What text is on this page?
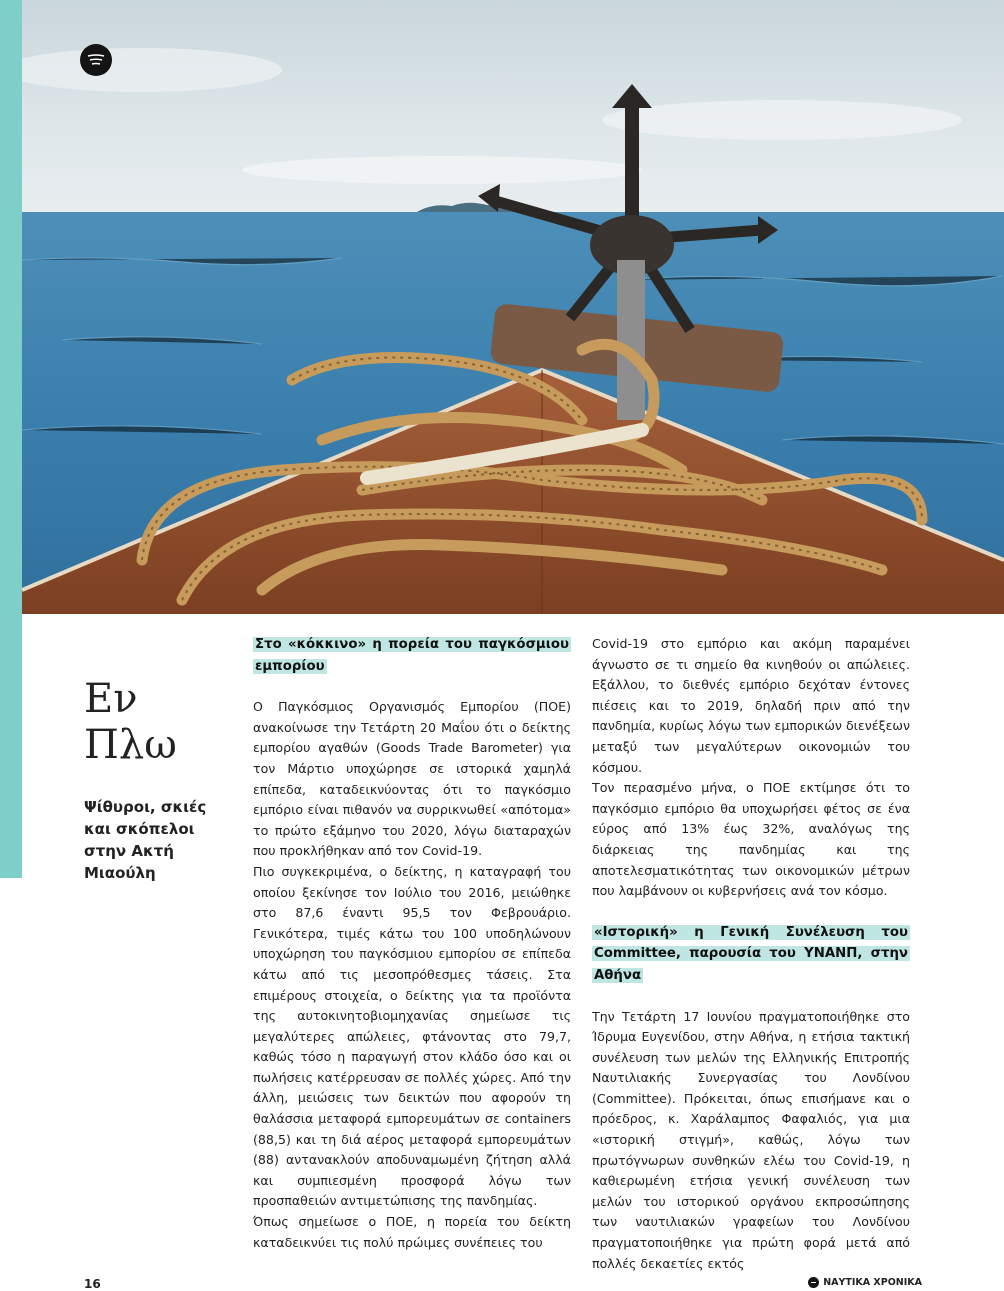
Εν
Πλω
Ψίθυροι, σκιές και σκόπελοι στην Ακτή Μιαούλη

Στο «κόκκινο» η πορεία του παγκόσμιου εμπορίου

Ο Παγκόσμιος Οργανισμός Εμπορίου (ΠΟΕ) ανακοίνωσε την Τετάρτη 20 Μαΐου ότι ο δείκτης εμπορίου αγαθών (Goods Trade Barometer) για τον Μάρτιο υποχώρησε σε ιστορικά χαμηλά επίπεδα, καταδεικνύοντας ότι το παγκόσμιο εμπόριο είναι πιθανόν να συρρικνωθεί «απότομα» το πρώτο εξάμηνο του 2020, λόγω διαταραχών που προκλήθηκαν από τον Covid-19.

Πιο συγκεκριμένα, ο δείκτης, η καταγραφή του οποίου ξεκίνησε τον Ιούλιο του 2016, μειώθηκε στο 87,6 έναντι 95,5 τον Φεβρουάριο. Γενικότερα, τιμές κάτω του 100 υποδηλώνουν υποχώρηση του παγκόσμιου εμπορίου σε επίπεδα κάτω από τις μεσοπρόθεσμες τάσεις. Στα επιμέρους στοιχεία, ο δείκτης για τα προϊόντα της αυτοκινητοβιομηχανίας σημείωσε τις μεγαλύτερες απώλειες, φτάνοντας στο 79,7, καθώς τόσο η παραγωγή στον κλάδο όσο και οι πωλήσεις κατέρρευσαν σε πολλές χώρες. Από την άλλη, μειώσεις των δεικτών που αφορούν τη θαλάσσια μεταφορά εμπορευμάτων σε containers (88,5) και τη διά αέρος μεταφορά εμπορευμάτων (88) αντανακλούν αποδυναμωμένη ζήτηση αλλά και συμπιεσμένη προσφορά λόγω των προσπαθειών αντιμετώπισης της πανδημίας.

Όπως σημείωσε ο ΠΟΕ, η πορεία του δείκτη καταδεικνύει τις πολύ πρώιμες συνέπειες του

Covid-19 στο εμπόριο και ακόμη παραμένει άγνωστο σε τι σημείο θα κινηθούν οι απώλειες. Εξάλλου, το διεθνές εμπόριο δεχόταν έντονες πιέσεις και το 2019, δηλαδή πριν από την πανδημία, κυρίως λόγω των εμπορικών διενέξεων μεταξύ των μεγαλύτερων οικονομιών του κόσμου.

Τον περασμένο μήνα, ο ΠΟΕ εκτίμησε ότι το παγκόσμιο εμπόριο θα υποχωρήσει φέτος σε ένα εύρος από 13% έως 32%, αναλόγως της διάρκειας της πανδημίας και της αποτελεσματικότητας των οικονομικών μέτρων που λαμβάνουν οι κυβερνήσεις ανά τον κόσμο.

«Ιστορική» η Γενική Συνέλευση του Committee, παρουσία του ΥΝΑΝΠ, στην Αθήνα

Την Τετάρτη 17 Ιουνίου πραγματοποιήθηκε στο Ίδρυμα Ευγενίδου, στην Αθήνα, η ετήσια τακτική συνέλευση των μελών της Ελληνικής Επιτροπής Ναυτιλιακής Συνεργασίας του Λονδίνου (Committee). Πρόκειται, όπως επισήμανε και ο πρόεδρος, κ. Χαράλαμπος Φαφαλιός, για μια «ιστορική στιγμή», καθώς, λόγω των πρωτόγνωρων συνθηκών ελέω του Covid-19, η καθιερωμένη ετήσια γενική συνέλευση των μελών του ιστορικού οργάνου εκπροσώπησης των ναυτιλιακών γραφείων του Λονδίνου πραγματοποιήθηκε για πρώτη φορά μετά από πολλές δεκαετίες εκτός

16	ΝΑΥΤΙΚΑ ΧΡΟΝΙΚΑ
